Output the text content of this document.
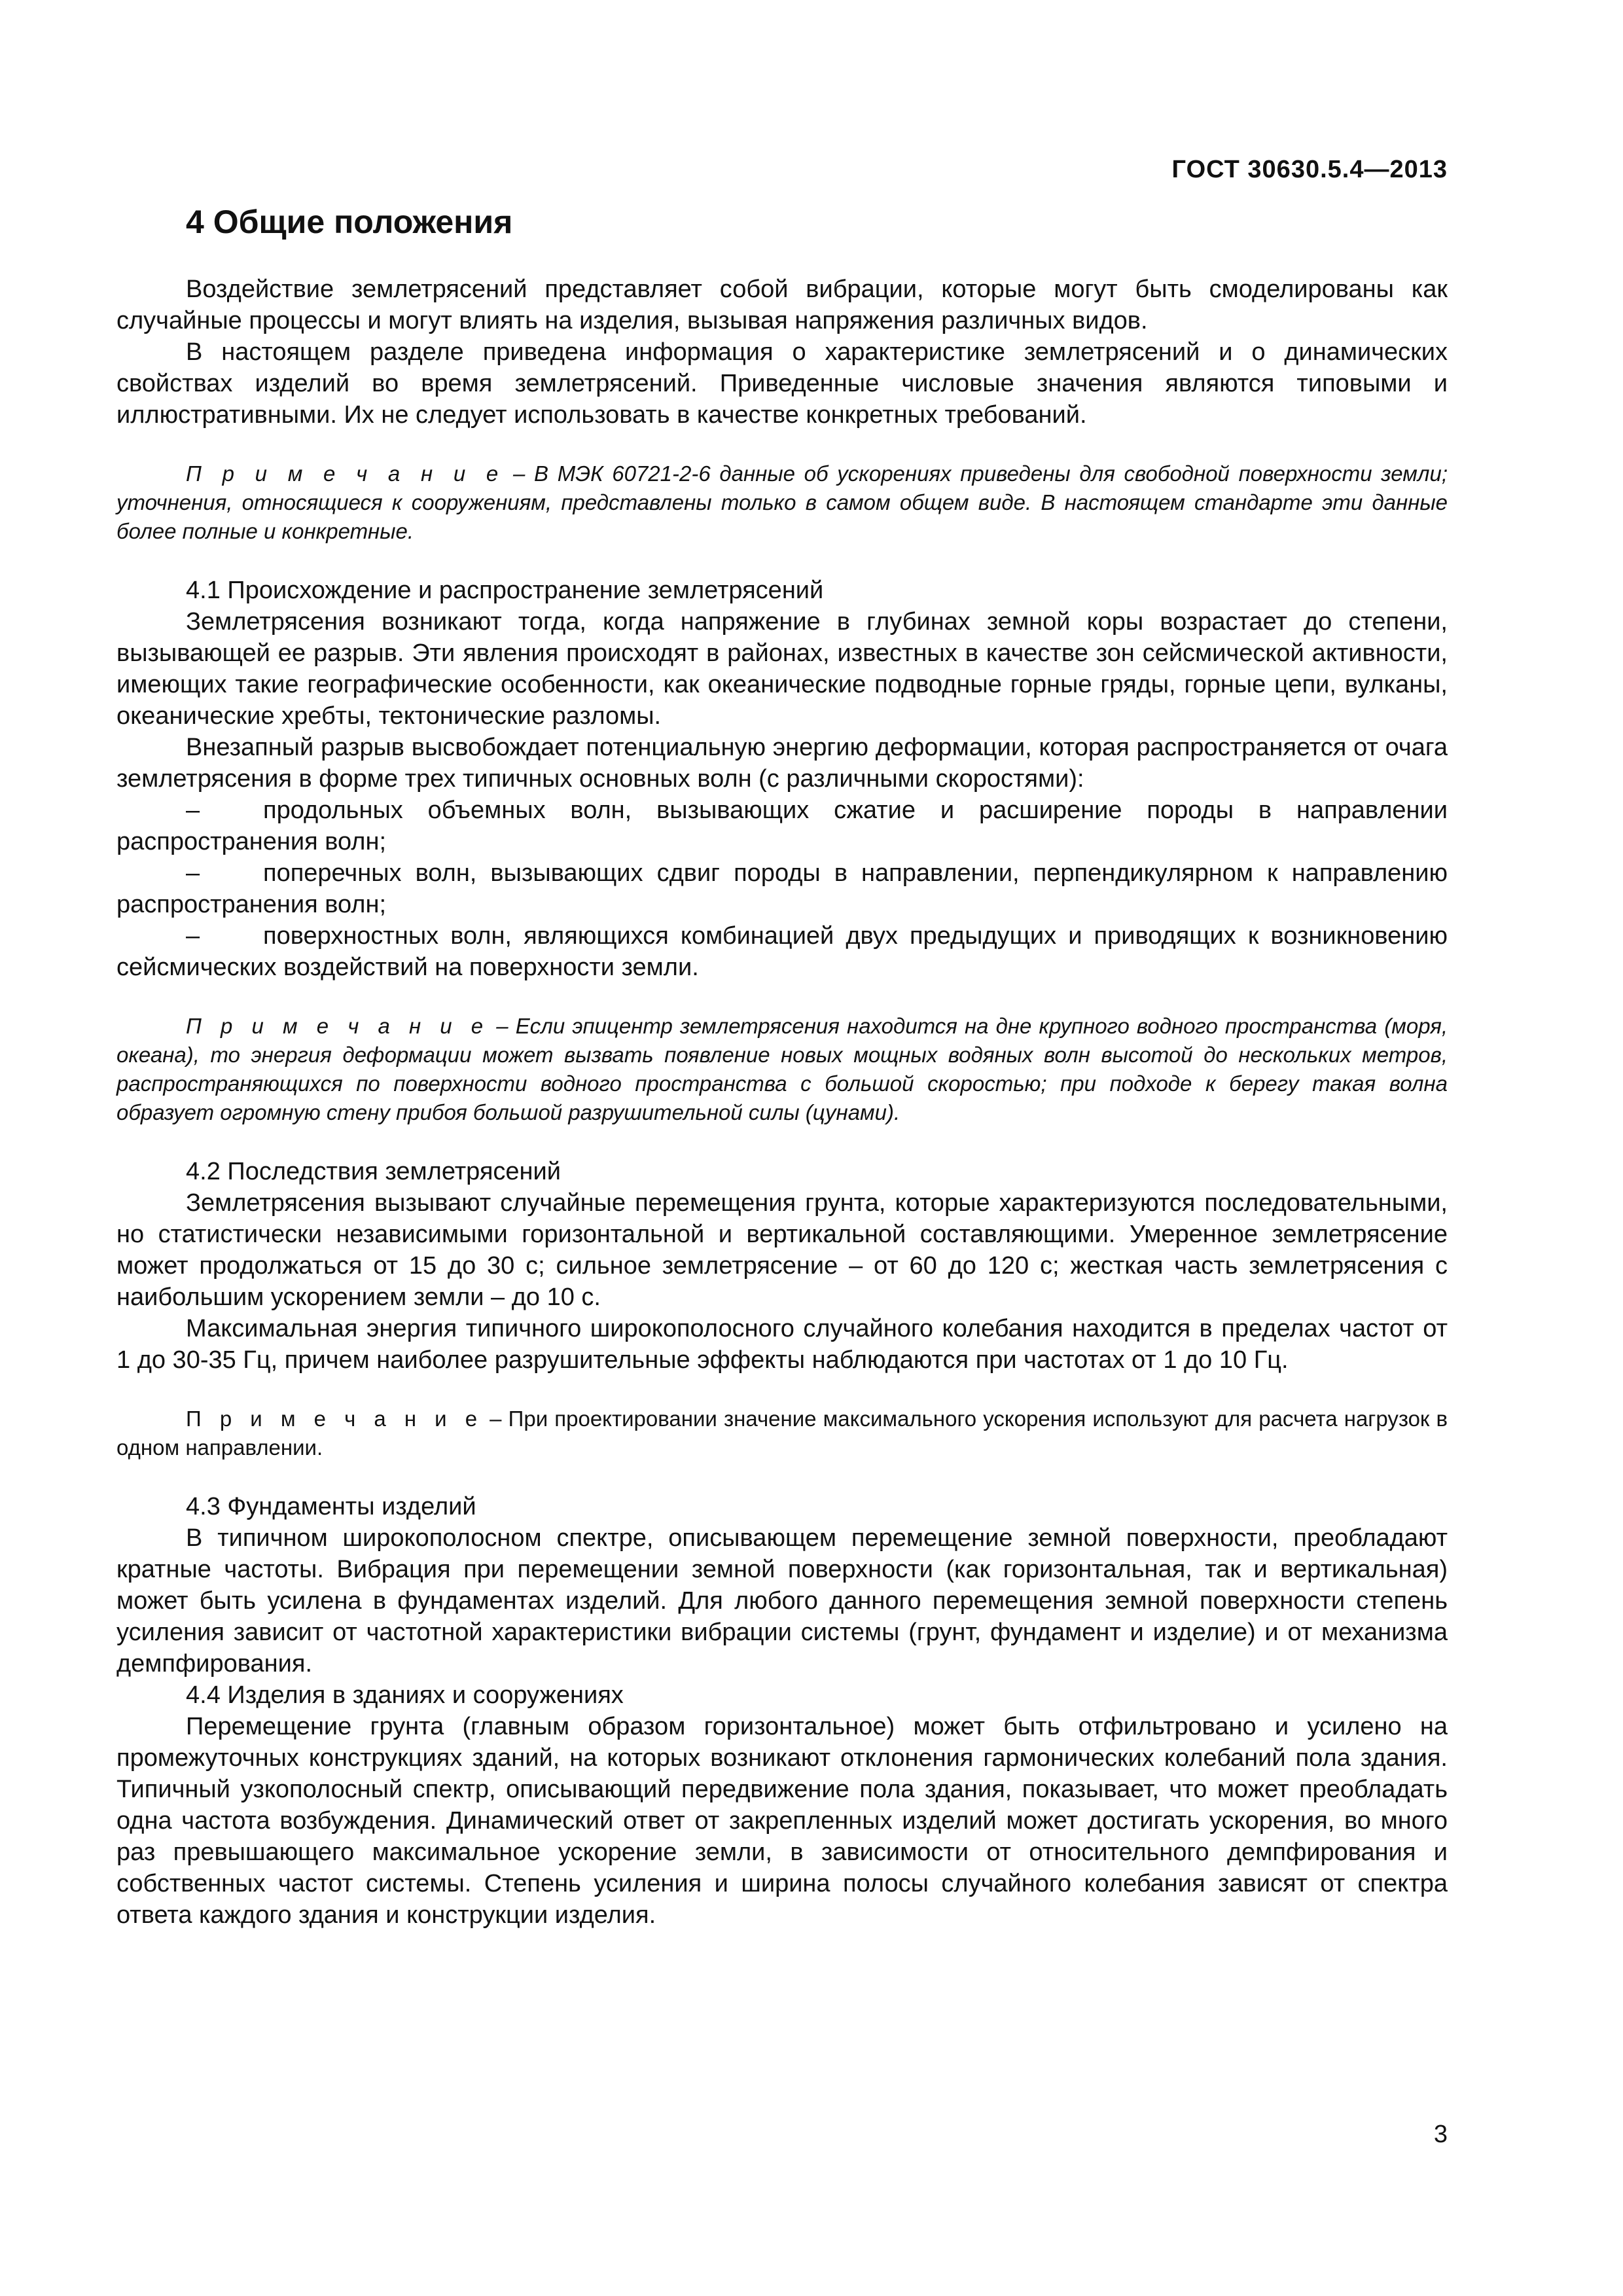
ГОСТ 30630.5.4—2013
4 Общие положения

Воздействие землетрясений представляет собой вибрации, которые могут быть смоделированы как случайные процессы и могут влиять на изделия, вызывая напряжения различных видов.

В настоящем разделе приведена информация о характеристике землетрясений и о динамических свойствах изделий во время землетрясений. Приведенные числовые значения являются типовыми и иллюстративными. Их не следует использовать в качестве конкретных требований.

П р и м е ч а н и е – В МЭК 60721-2-6 данные об ускорениях приведены для свободной поверхности земли; уточнения, относящиеся к сооружениям, представлены только в самом общем виде. В настоящем стандарте эти данные более полные и конкретные.

4.1 Происхождение и распространение землетрясений

Землетрясения возникают тогда, когда напряжение в глубинах земной коры возрастает до степени, вызывающей ее разрыв. Эти явления происходят в районах, известных в качестве зон сейсмической активности, имеющих такие географические особенности, как океанические подводные горные гряды, горные цепи, вулканы, океанические хребты, тектонические разломы.

Внезапный разрыв высвобождает потенциальную энергию деформации, которая распространяется от очага землетрясения в форме трех типичных основных волн (с различными скоростями):

–	продольных объемных волн, вызывающих сжатие и расширение породы в направлении распространения волн;

–	поперечных волн, вызывающих сдвиг породы в направлении, перпендикулярном к направлению распространения волн;

–	поверхностных волн, являющихся комбинацией двух предыдущих и приводящих к возникновению сейсмических воздействий на поверхности земли.

П р и м е ч а н и е – Если эпицентр землетрясения находится на дне крупного водного пространства (моря, океана), то энергия деформации может вызвать появление новых мощных водяных волн высотой до нескольких метров, распространяющихся по поверхности водного пространства с большой скоростью; при подходе к берегу такая волна образует огромную стену прибоя большой разрушительной силы (цунами).

4.2 Последствия землетрясений

Землетрясения вызывают случайные перемещения грунта, которые характеризуются последовательными, но статистически независимыми горизонтальной и вертикальной составляющими. Умеренное землетрясение может продолжаться от 15 до 30 с; сильное землетрясение – от 60 до 120 с; жесткая часть землетрясения с наибольшим ускорением земли – до 10 с.

Максимальная энергия типичного широкополосного случайного колебания находится в пределах частот от 1 до 30-35 Гц, причем наиболее разрушительные эффекты наблюдаются при частотах от 1 до 10 Гц.

П р и м е ч а н и е – При проектировании значение максимального ускорения используют для расчета нагрузок в одном направлении.

4.3 Фундаменты изделий

В типичном широкополосном спектре, описывающем перемещение земной поверхности, преобладают кратные частоты. Вибрация при перемещении земной поверхности (как горизонтальная, так и вертикальная) может быть усилена в фундаментах изделий. Для любого данного перемещения земной поверхности степень усиления зависит от частотной характеристики вибрации системы (грунт, фундамент и изделие) и от механизма демпфирования.

4.4 Изделия в зданиях и сооружениях

Перемещение грунта (главным образом горизонтальное) может быть отфильтровано и усилено на промежуточных конструкциях зданий, на которых возникают отклонения гармонических колебаний пола здания. Типичный узкополосный спектр, описывающий передвижение пола здания, показывает, что может преобладать одна частота возбуждения. Динамический ответ от закрепленных изделий может достигать ускорения, во много раз превышающего максимальное ускорение земли, в зависимости от относительного демпфирования и собственных частот системы. Степень усиления и ширина полосы случайного колебания зависят от спектра ответа каждого здания и конструкции изделия.

3
